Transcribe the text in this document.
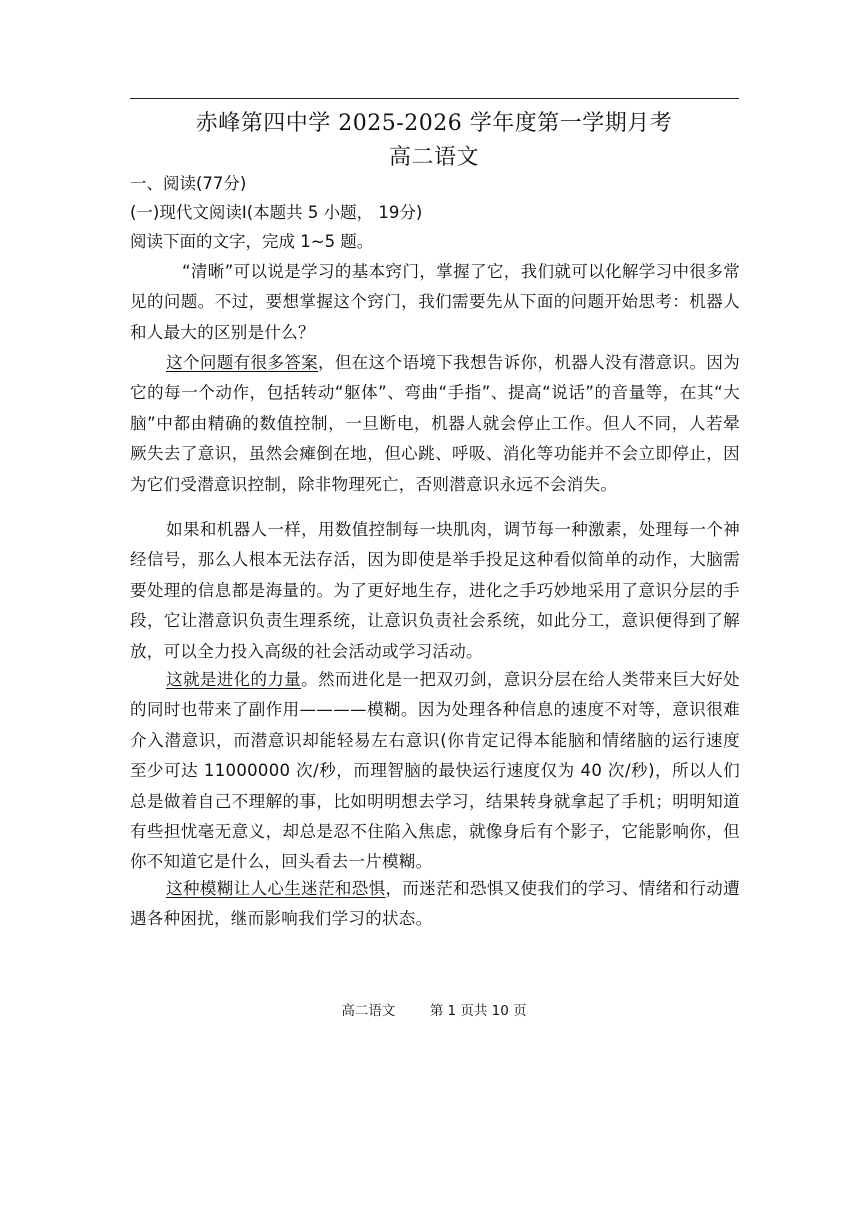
赤峰第四中学 2025-2026 学年度第一学期月考
高二语文
一、阅读(77分)
(一)现代文阅读Ⅰ(本题共 5 小题， 19分)
阅读下面的文字，完成 1~5 题。
“清晰”可以说是学习的基本窍门，掌握了它，我们就可以化解学习中很多常见的问题。不过，要想掌握这个窍门，我们需要先从下面的问题开始思考：机器人和人最大的区别是什么？
这个问题有很多答案，但在这个语境下我想告诉你，机器人没有潜意识。因为它的每一个动作，包括转动“躯体”、弯曲“手指”、提高“说话”的音量等，在其“大脑”中都由精确的数值控制，一旦断电，机器人就会停止工作。但人不同，人若晕厥失去了意识，虽然会瘫倒在地，但心跳、呼吸、消化等功能并不会立即停止，因为它们受潜意识控制，除非物理死亡，否则潜意识永远不会消失。
如果和机器人一样，用数值控制每一块肌肉，调节每一种激素，处理每一个神经信号，那么人根本无法存活，因为即使是举手投足这种看似简单的动作，大脑需要处理的信息都是海量的。为了更好地生存，进化之手巧妙地采用了意识分层的手段，它让潜意识负责生理系统，让意识负责社会系统，如此分工，意识便得到了解放，可以全力投入高级的社会活动或学习活动。
这就是进化的力量。然而进化是一把双刃剑，意识分层在给人类带来巨大好处的同时也带来了副作用————模糊。因为处理各种信息的速度不对等，意识很难介入潜意识，而潜意识却能轻易左右意识(你肯定记得本能脑和情绪脑的运行速度至少可达 11000000 次/秒，而理智脑的最快运行速度仅为 40 次/秒)，所以人们总是做着自己不理解的事，比如明明想去学习，结果转身就拿起了手机；明明知道有些担忧毫无意义，却总是忍不住陷入焦虑，就像身后有个影子，它能影响你，但你不知道它是什么，回头看去一片模糊。
这种模糊让人心生迷茫和恐惧，而迷茫和恐惧又使我们的学习、情绪和行动遭遇各种困扰，继而影响我们学习的状态。
高二语文        第 1 页共 10 页
